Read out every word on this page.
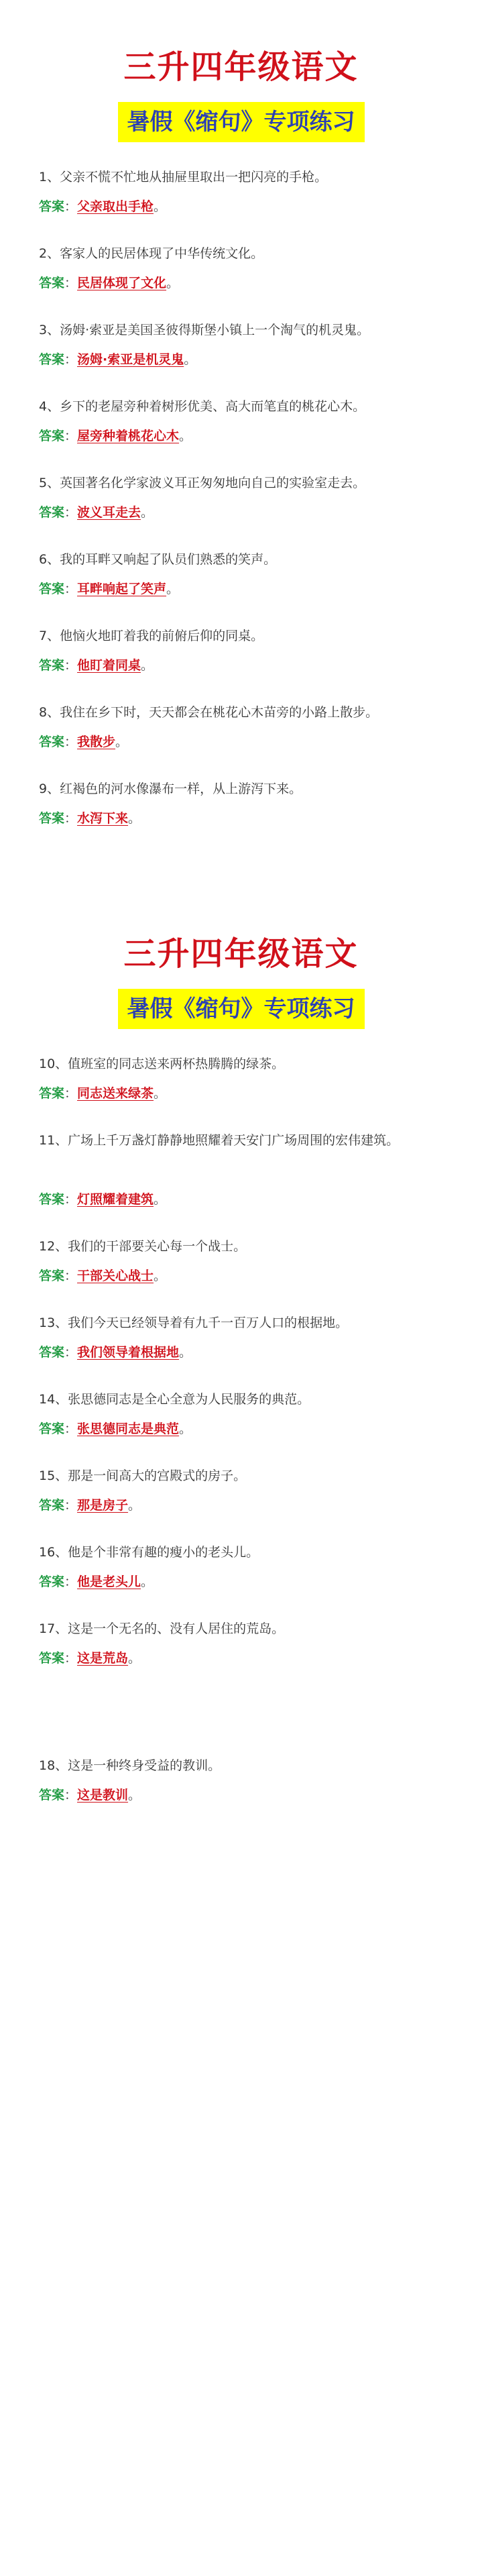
三升四年级语文
暑假《缩句》专项练习
1、父亲不慌不忙地从抽屉里取出一把闪亮的手枪。
答案：父亲取出手枪。
2、客家人的民居体现了中华传统文化。
答案：民居体现了文化。
3、汤姆·索亚是美国圣彼得斯堡小镇上一个淘气的机灵鬼。
答案：汤姆·索亚是机灵鬼。
4、乡下的老屋旁种着树形优美、高大而笔直的桃花心木。
答案：屋旁种着桃花心木。
5、英国著名化学家波义耳正匆匆地向自己的实验室走去。
答案：波义耳走去。
6、我的耳畔又响起了队员们熟悉的笑声。
答案：耳畔响起了笑声。
7、他恼火地盯着我的前俯后仰的同桌。
答案：他盯着同桌。
8、我住在乡下时，天天都会在桃花心木苗旁的小路上散步。
答案：我散步。
9、红褐色的河水像瀑布一样，从上游泻下来。
答案：水泻下来。
三升四年级语文
暑假《缩句》专项练习
10、值班室的同志送来两杯热腾腾的绿茶。
答案：同志送来绿茶。
11、广场上千万盏灯静静地照耀着天安门广场周围的宏伟建筑。
答案：灯照耀着建筑。
12、我们的干部要关心每一个战士。
答案：干部关心战士。
13、我们今天已经领导着有九千一百万人口的根据地。
答案：我们领导着根据地。
14、张思德同志是全心全意为人民服务的典范。
答案：张思德同志是典范。
15、那是一间高大的宫殿式的房子。
答案：那是房子。
16、他是个非常有趣的瘦小的老头儿。
答案：他是老头儿。
17、这是一个无名的、没有人居住的荒岛。
答案：这是荒岛。
18、这是一种终身受益的教训。
答案：这是教训。
